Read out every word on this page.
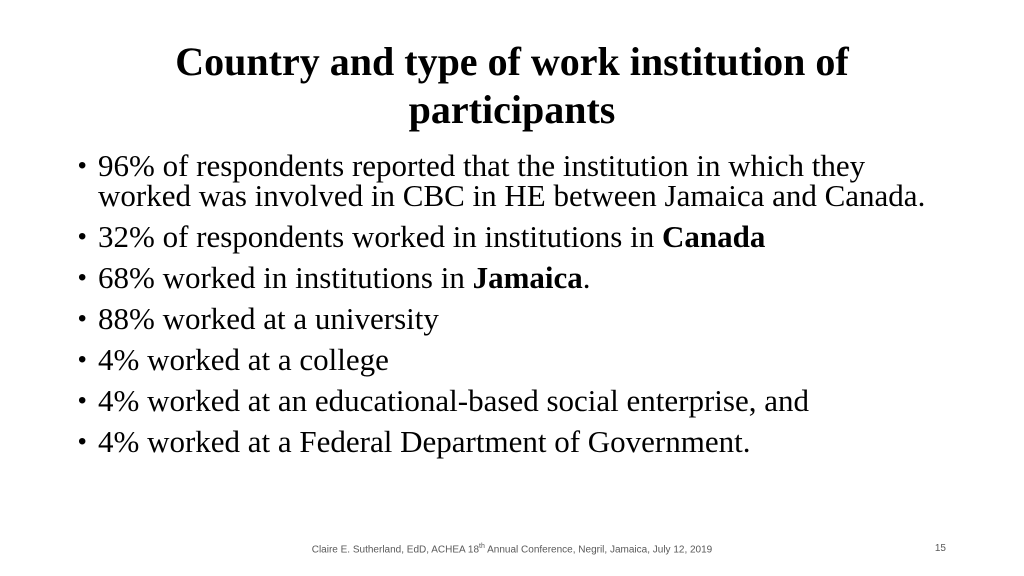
Country and type of work institution of
participants
• 96% of respondents reported that the institution in which they worked was involved in CBC in HE between Jamaica and Canada.
• 32% of respondents worked in institutions in Canada
• 68% worked in institutions in Jamaica.
• 88% worked at a university
• 4% worked at a college
• 4% worked at an educational-based social enterprise, and
• 4% worked at a Federal Department of Government.
Claire E. Sutherland, EdD, ACHEA 18th Annual Conference, Negril, Jamaica, July 12, 2019	15
